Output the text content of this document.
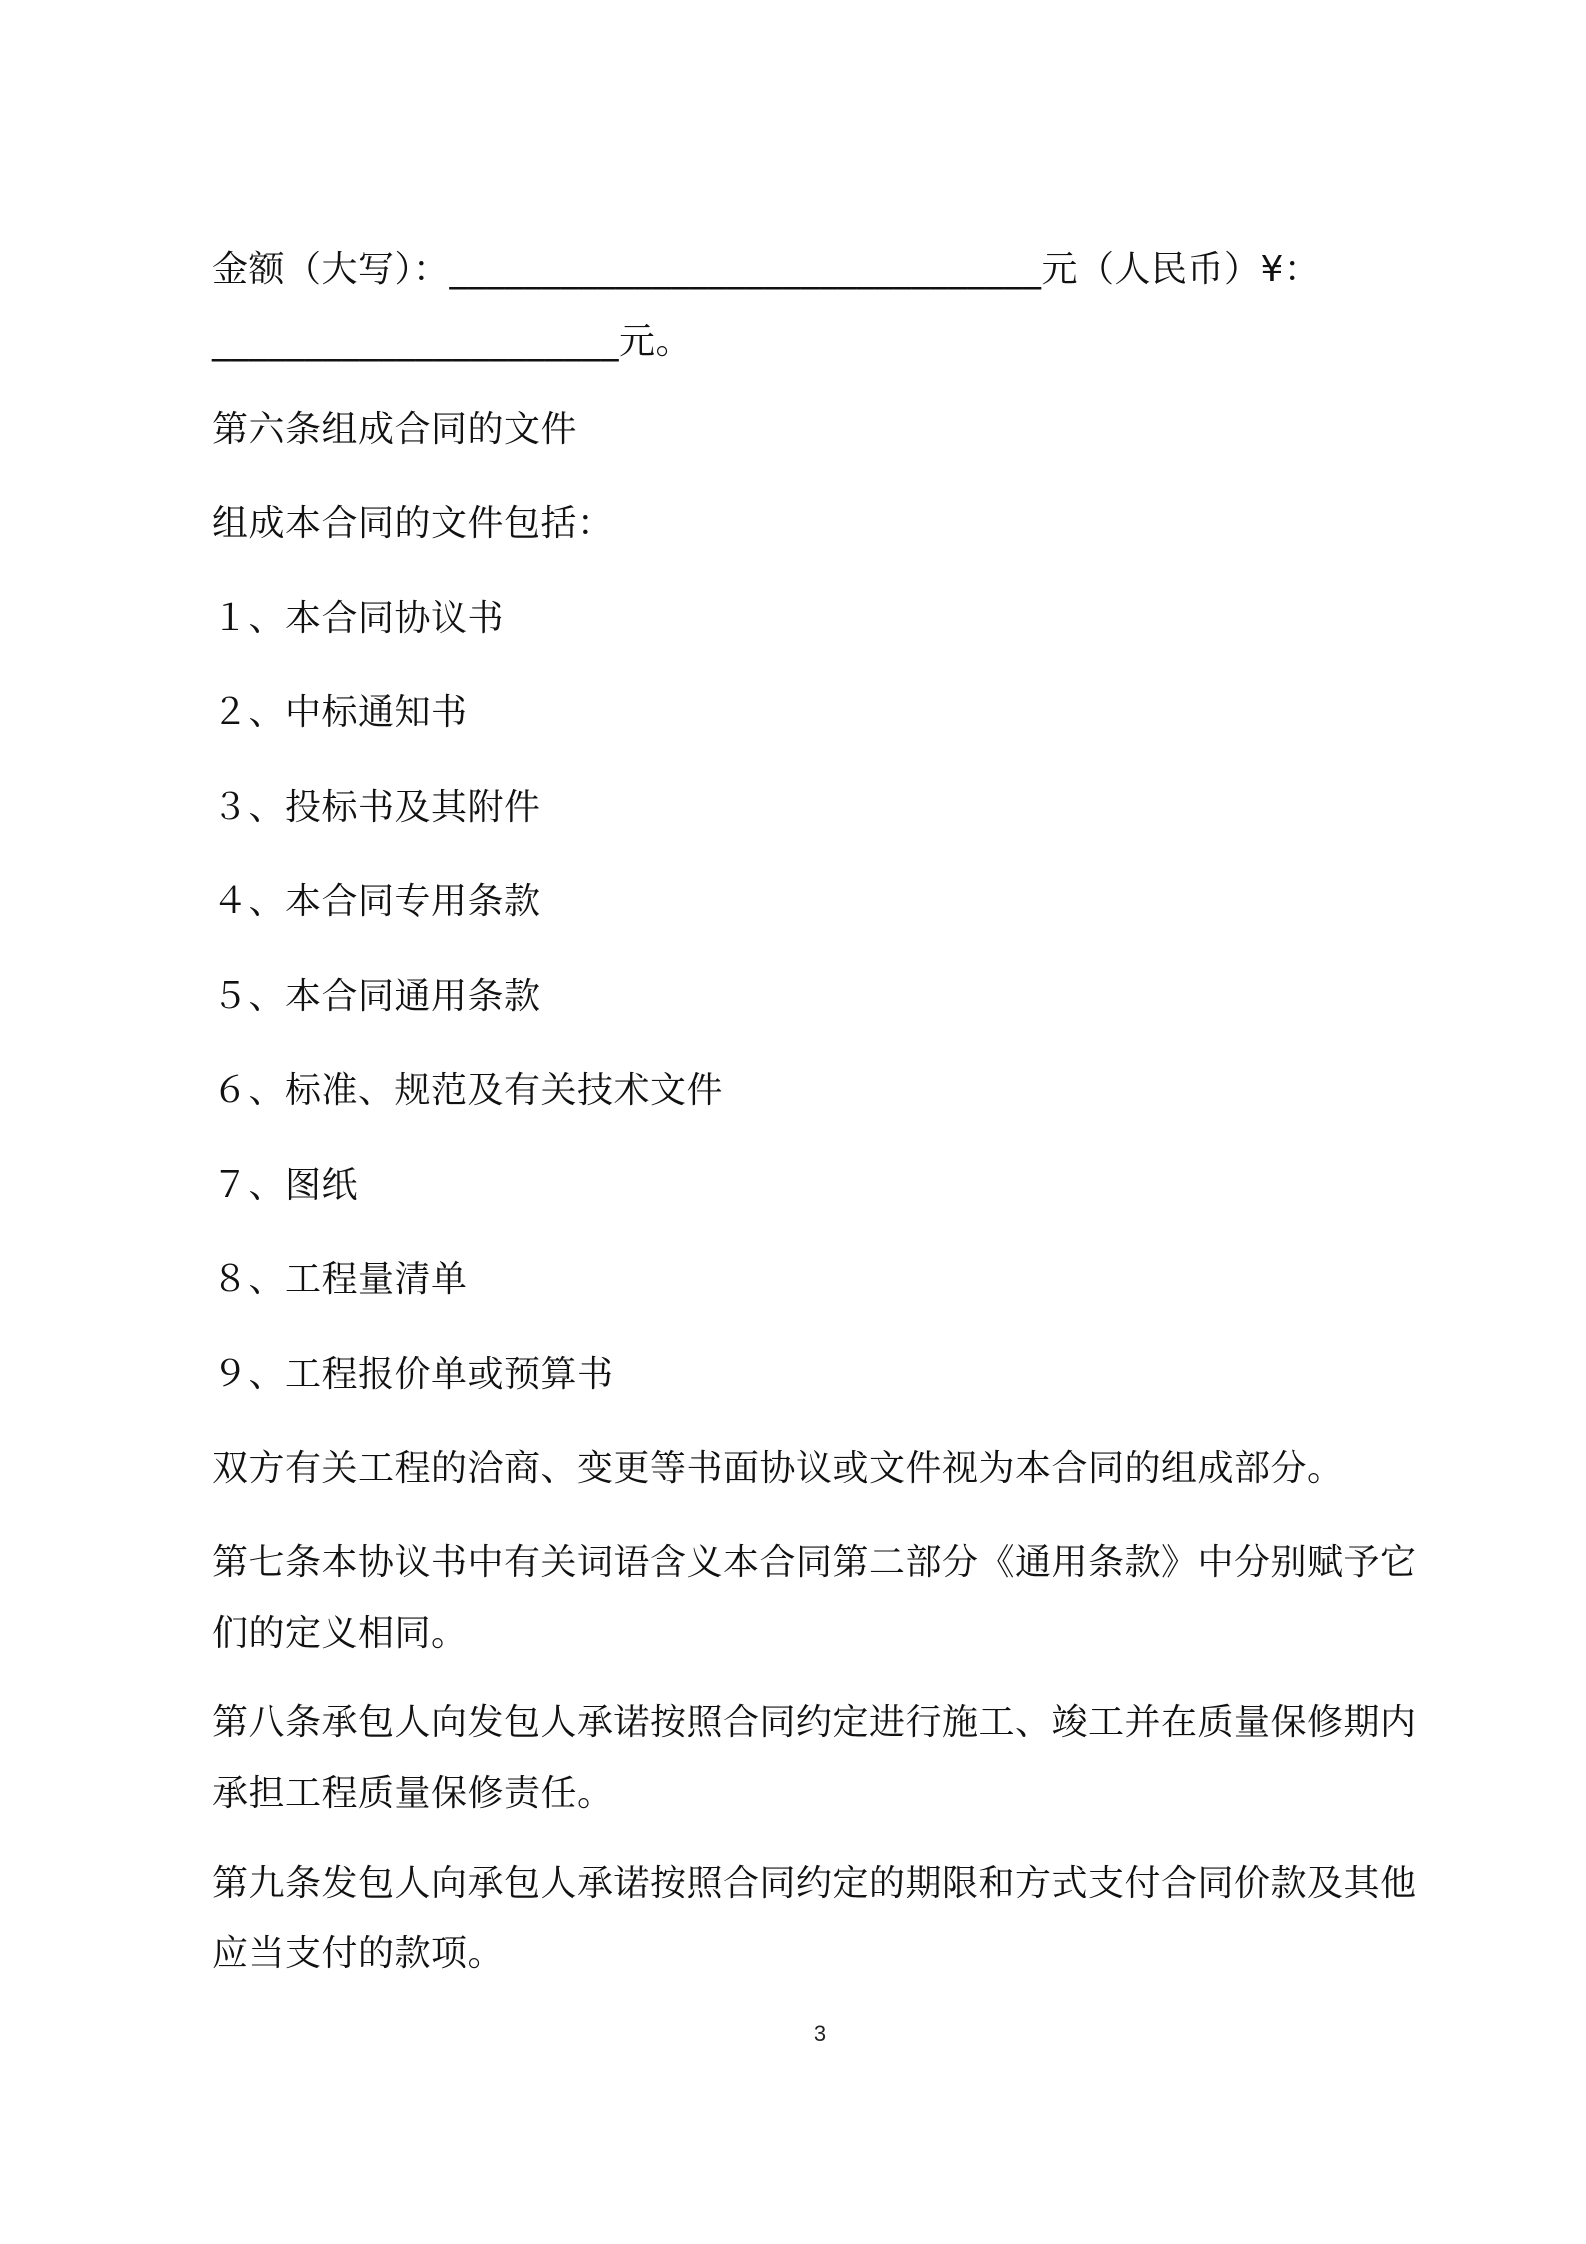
金额（大写）：________________________________元（人民币）¥：
______________________元。
第六条组成合同的文件
组成本合同的文件包括：
１、本合同协议书
２、中标通知书
３、投标书及其附件
４、本合同专用条款
５、本合同通用条款
６、标准、规范及有关技术文件
７、图纸
８、工程量清单
９、工程报价单或预算书
双方有关工程的洽商、变更等书面协议或文件视为本合同的组成部分。
第七条本协议书中有关词语含义本合同第二部分《通用条款》中分别赋予它
们的定义相同。
第八条承包人向发包人承诺按照合同约定进行施工、竣工并在质量保修期内
承担工程质量保修责任。
第九条发包人向承包人承诺按照合同约定的期限和方式支付合同价款及其他
应当支付的款项。
3
